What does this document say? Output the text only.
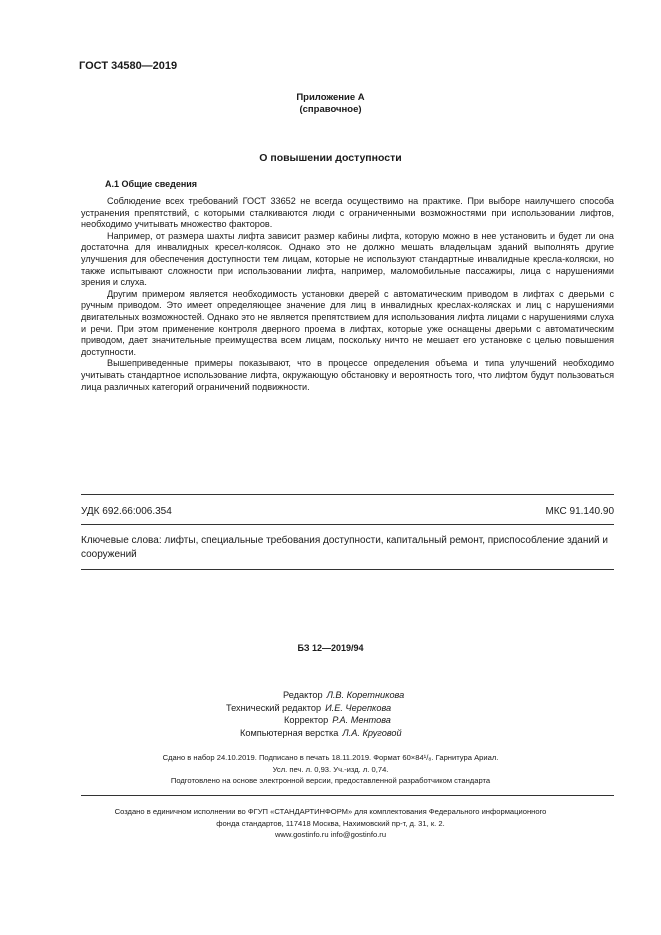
ГОСТ 34580—2019
Приложение А
(справочное)
О повышении доступности
А.1 Общие сведения

Соблюдение всех требований ГОСТ 33652 не всегда осуществимо на практике. При выборе наилучшего способа устранения препятствий, с которыми сталкиваются люди с ограниченными возможностями при использовании лифтов, необходимо учитывать множество факторов.

Например, от размера шахты лифта зависит размер кабины лифта, которую можно в нее установить и будет ли она достаточна для инвалидных кресел-колясок. Однако это не должно мешать владельцам зданий выполнять другие улучшения для обеспечения доступности тем лицам, которые не используют стандартные инвалидные кресла-коляски, но также испытывают сложности при использовании лифта, например, маломобильные пассажиры, лица с нарушениями зрения и слуха.

Другим примером является необходимость установки дверей с автоматическим приводом в лифтах с дверьми с ручным приводом. Это имеет определяющее значение для лиц в инвалидных креслах-колясках и лиц с нарушениями двигательных возможностей. Однако это не является препятствием для использования лифта лицами с нарушениями слуха и речи. При этом применение контроля дверного проема в лифтах, которые уже оснащены дверьми с автоматическим приводом, дает значительные преимущества всем лицам, поскольку ничто не мешает его установке с целью повышения доступности.

Вышеприведенные примеры показывают, что в процессе определения объема и типа улучшений необходимо учитывать стандартное использование лифта, окружающую обстановку и вероятность того, что лифтом будут пользоваться лица различных категорий ограничений подвижности.

УДК 692.66:006.354	МКС 91.140.90
Ключевые слова: лифты, специальные требования доступности, капитальный ремонт, приспособление зданий и сооружений
БЗ 12—2019/94
Редактор Л.В. Коретникова
Технический редактор И.Е. Черепкова
Корректор Р.А. Ментова
Компьютерная верстка Л.А. Круговой
Сдано в набор 24.10.2019. Подписано в печать 18.11.2019. Формат 60×84¹/₈. Гарнитура Ариал.
Усл. печ. л. 0,93. Уч.-изд. л. 0,74.
Подготовлено на основе электронной версии, предоставленной разработчиком стандарта
Создано в единичном исполнении во ФГУП «СТАНДАРТИНФОРМ» для комплектования Федерального информационного
фонда стандартов, 117418 Москва, Нахимовский пр-т, д. 31, к. 2.
www.gostinfo.ru info@gostinfo.ru
